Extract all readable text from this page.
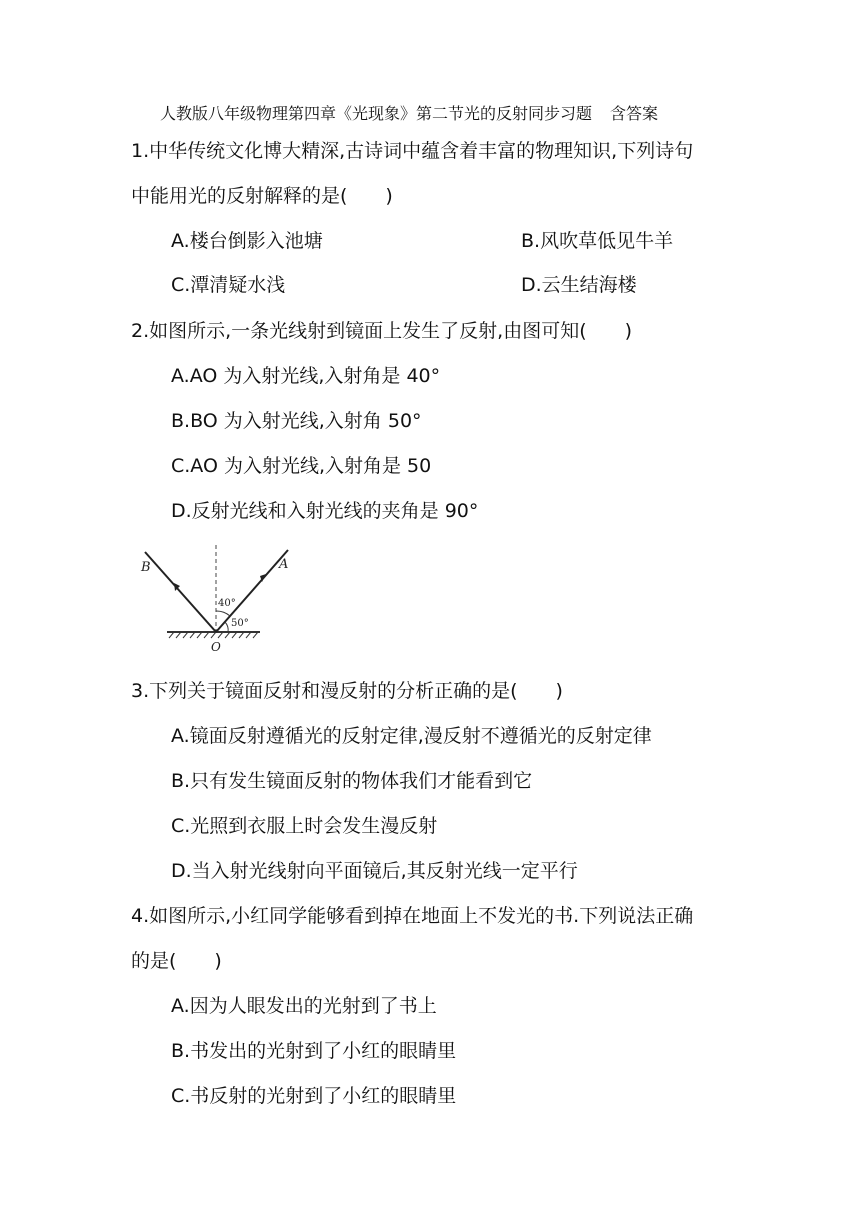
人教版八年级物理第四章《光现象》第二节光的反射同步习题 含答案
1.中华传统文化博大精深,古诗词中蕴含着丰富的物理知识,下列诗句
中能用光的反射解释的是(　　)
A.楼台倒影入池塘	B.风吹草低见牛羊
C.潭清疑水浅	D.云生结海楼
2.如图所示,一条光线射到镜面上发生了反射,由图可知(　　)
A.AO 为入射光线,入射角是 40°
B.BO 为入射光线,入射角 50°
C.AO 为入射光线,入射角是 50
D.反射光线和入射光线的夹角是 90°
B	A
O
40°
50°
3.下列关于镜面反射和漫反射的分析正确的是(　　)
A.镜面反射遵循光的反射定律,漫反射不遵循光的反射定律
B.只有发生镜面反射的物体我们才能看到它
C.光照到衣服上时会发生漫反射
D.当入射光线射向平面镜后,其反射光线一定平行
4.如图所示,小红同学能够看到掉在地面上不发光的书.下列说法正确
的是(　　)
A.因为人眼发出的光射到了书上
B.书发出的光射到了小红的眼睛里
C.书反射的光射到了小红的眼睛里
